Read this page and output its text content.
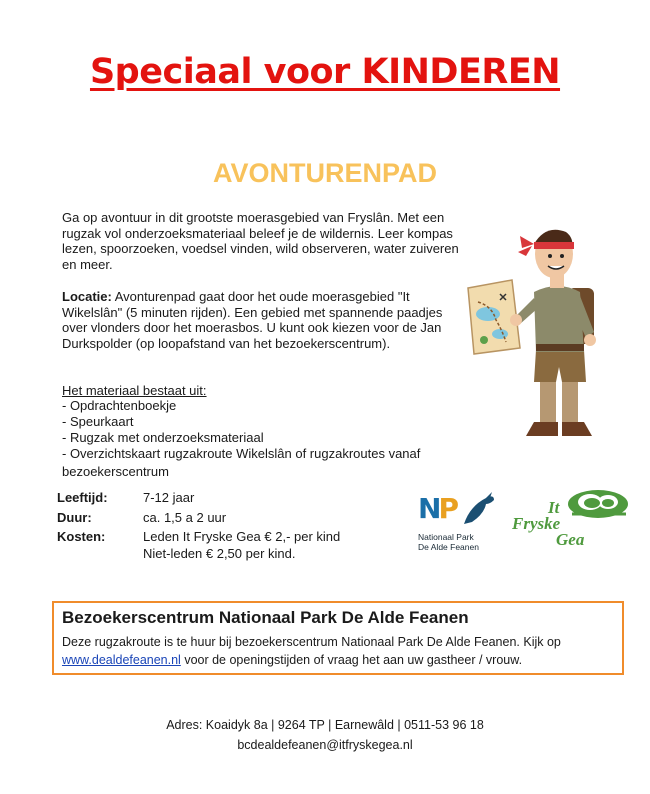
Speciaal voor KINDEREN
AVONTURENPAD
Ga op avontuur in dit grootste moerasgebied van Fryslân. Met een rugzak vol onderzoeksmateriaal beleef je de wildernis. Leer kompas lezen, spoorzoeken, voedsel vinden, wild observeren, water zuiveren en meer.
Locatie: Avonturenpad gaat door het oude moerasgebied "It Wikelslân" (5 minuten rijden). Een gebied met spannende paadjes over vlonders door het moerasbos. U kunt ook kiezen voor de Jan Durkspolder (op loopafstand van het bezoekerscentrum).
Het materiaal bestaat uit:
- Opdrachtenboekje
- Speurkaart
- Rugzak met onderzoeksmateriaal
- Overzichtskaart rugzakroute Wikelslân of rugzakroutes vanaf bezoekerscentrum
Leeftijd:	7-12 jaar
Duur:	ca. 1,5 a 2 uur
Kosten:	Leden It Fryske Gea € 2,- per kind
Niet-leden € 2,50 per kind.
NP
Nationaal Park
De Alde Feanen
It
Fryske
Gea
Bezoekerscentrum Nationaal Park De Alde Feanen
Deze rugzakroute is te huur bij bezoekerscentrum Nationaal Park De Alde Feanen. Kijk op www.dealdefeanen.nl voor de openingstijden of vraag het aan uw gastheer / vrouw.
Adres: Koaidyk 8a | 9264 TP | Earnewâld | 0511-53 96 18
bcdealdefeanen@itfryskegea.nl
